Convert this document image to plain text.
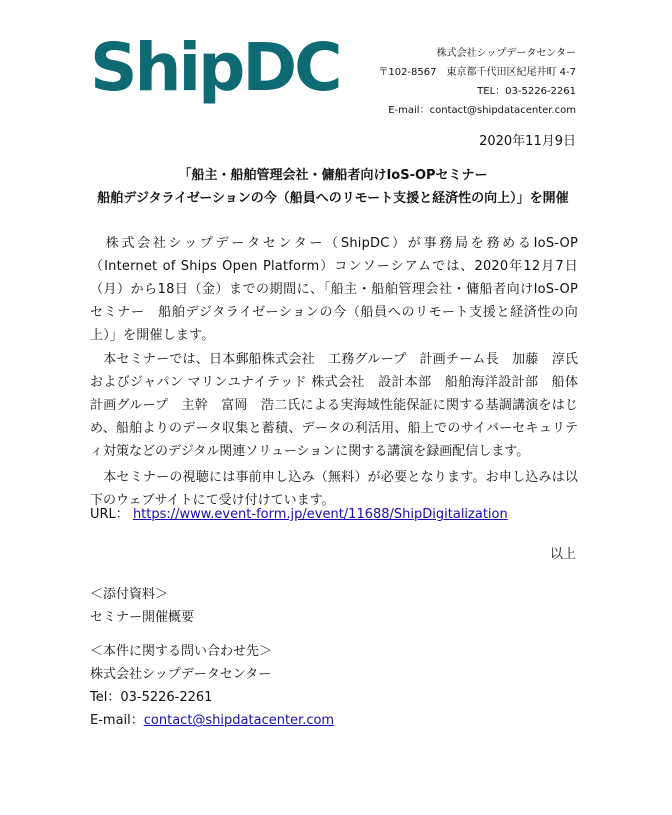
ShipDC	株式会社シップデータセンター
〒102-8567　東京都千代田区紀尾井町 4-7
TEL：03-5226-2261
E-mail：contact@shipdatacenter.com
2020年11月9日
「船主・船舶管理会社・傭船者向けIoS-OPセミナー
船舶デジタライゼーションの今（船員へのリモート支援と経済性の向上）」を開催

　株式会社シップデータセンター（ShipDC）が事務局を務めるIoS-OP（Internet of Ships Open Platform）コンソーシアムでは、2020年12月7日（月）から18日（金）までの期間に、「船主・船舶管理会社・傭船者向けIoS-OPセミナー　船舶デジタライゼーションの今（船員へのリモート支援と経済性の向上）」を開催します。

　本セミナーでは、日本郵船株式会社　工務グループ　計画チーム長　加藤　淳氏およびジャパン マリンユナイテッド 株式会社　設計本部　船舶海洋設計部　船体計画グループ　主幹　富岡　浩二氏による実海域性能保証に関する基調講演をはじめ、船舶よりのデータ収集と蓄積、データの利活用、船上でのサイバーセキュリティ対策などのデジタル関連ソリューションに関する講演を録画配信します。

　本セミナーの視聴には事前申し込み（無料）が必要となります。お申し込みは以下のウェブサイトにて受け付けています。

URL： https://www.event-form.jp/event/11688/ShipDigitalization
以上
＜添付資料＞
セミナー開催概要
＜本件に関する問い合わせ先＞
株式会社シップデータセンター
Tel：03-5226-2261
E-mail：contact@shipdatacenter.com
